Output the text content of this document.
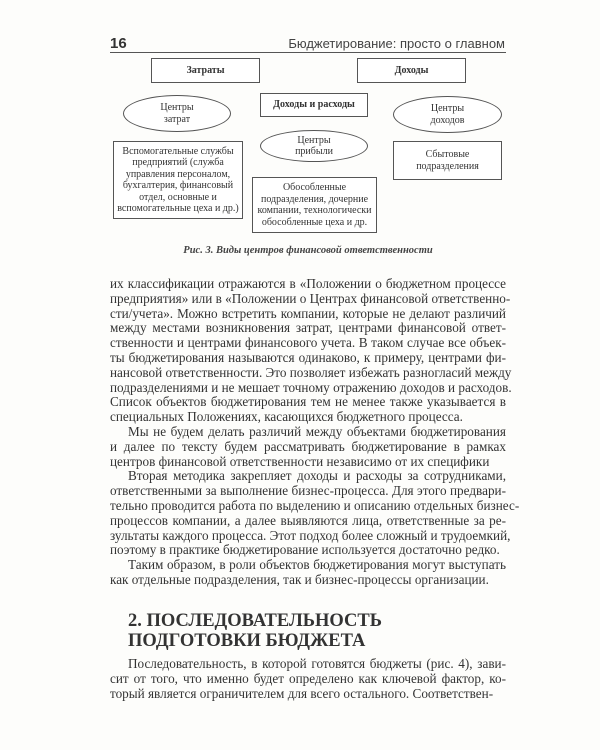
16	Бюджетирование: просто о главном
Затраты	Доходы
Доходы и расходы
Центры затрат
Центры доходов
Центры прибыли
Вспомогательные службы предприятий (служба управления персоналом, бухгалтерия, финансовый отдел, основные и вспомогательные цеха и др.)
Обособленные подразделения, дочерние компании, технологически обособленные цеха и др.
Сбытовые подразделения
Рис. 3. Виды центров финансовой ответственности
их классификации отражаются в «Положении о бюджетном процессе
предприятия» или в «Положении о Центрах финансовой ответственно-
сти/учета». Можно встретить компании, которые не делают различий
между местами возникновения затрат, центрами финансовой ответ-
ственности и центрами финансового учета. В таком случае все объек-
ты бюджетирования называются одинаково, к примеру, центрами фи-
нансовой ответственности. Это позволяет избежать разногласий между
подразделениями и не мешает точному отражению доходов и расходов.
Список объектов бюджетирования тем не менее также указывается в
специальных Положениях, касающихся бюджетного процесса.
Мы не будем делать различий между объектами бюджетирования
и далее по тексту будем рассматривать бюджетирование в рамках
центров финансовой ответственности независимо от их специфики
Вторая методика закрепляет доходы и расходы за сотрудниками,
ответственными за выполнение бизнес-процесса. Для этого предвари-
тельно проводится работа по выделению и описанию отдельных бизнес-
процессов компании, а далее выявляются лица, ответственные за ре-
зультаты каждого процесса. Этот подход более сложный и трудоемкий,
поэтому в практике бюджетирование используется достаточно редко.
Таким образом, в роли объектов бюджетирования могут выступать
как отдельные подразделения, так и бизнес-процессы организации.
2. ПОСЛЕДОВАТЕЛЬНОСТЬ
ПОДГОТОВКИ БЮДЖЕТА
Последовательность, в которой готовятся бюджеты (рис. 4), зави-
сит от того, что именно будет определено как ключевой фактор, ко-
торый является ограничителем для всего остального. Соответствен-
